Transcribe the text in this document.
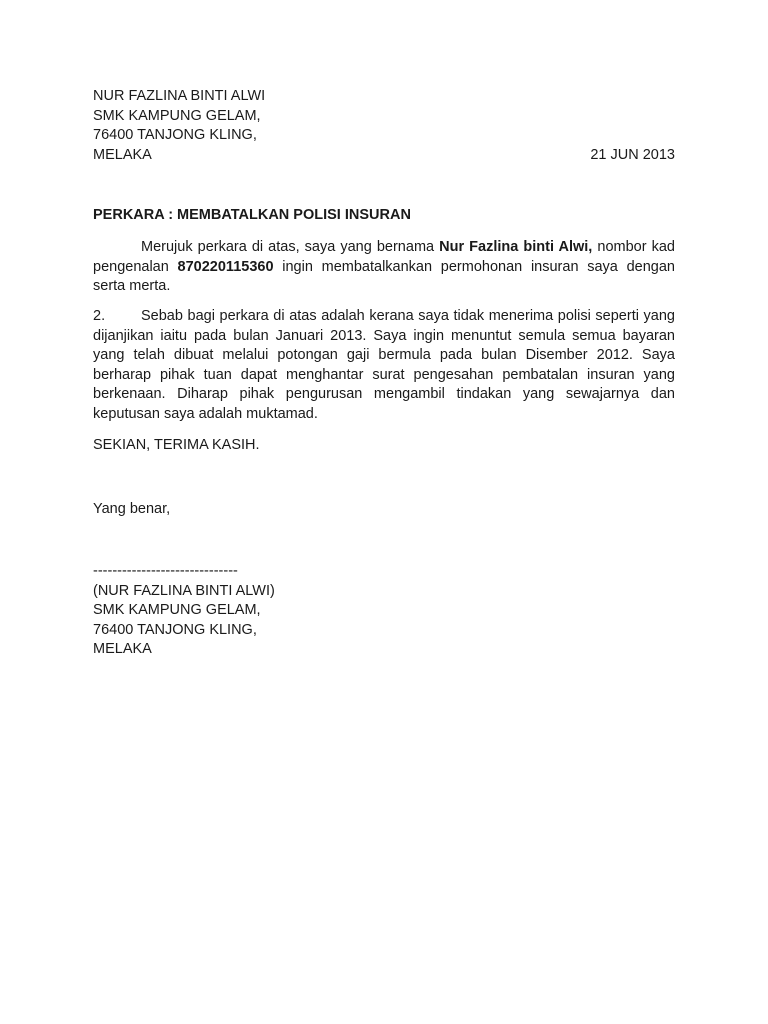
NUR FAZLINA BINTI ALWI
SMK KAMPUNG GELAM,
76400 TANJONG KLING,
MELAKA	21 JUN 2013
PERKARA : MEMBATALKAN POLISI INSURAN

Merujuk perkara di atas, saya yang bernama Nur Fazlina binti Alwi, nombor kad pengenalan 870220115360 ingin membatalkankan permohonan insuran saya dengan serta merta.

2. Sebab bagi perkara di atas adalah kerana saya tidak menerima polisi seperti yang dijanjikan iaitu pada bulan Januari 2013. Saya ingin menuntut semula semua bayaran yang telah dibuat melalui potongan gaji bermula pada bulan Disember 2012. Saya berharap pihak tuan dapat menghantar surat pengesahan pembatalan insuran yang berkenaan. Diharap pihak pengurusan mengambil tindakan yang sewajarnya dan keputusan saya adalah muktamad.

SEKIAN, TERIMA KASIH.
Yang benar,
------------------------------
(NUR FAZLINA BINTI ALWI)
SMK KAMPUNG GELAM,
76400 TANJONG KLING,
MELAKA
